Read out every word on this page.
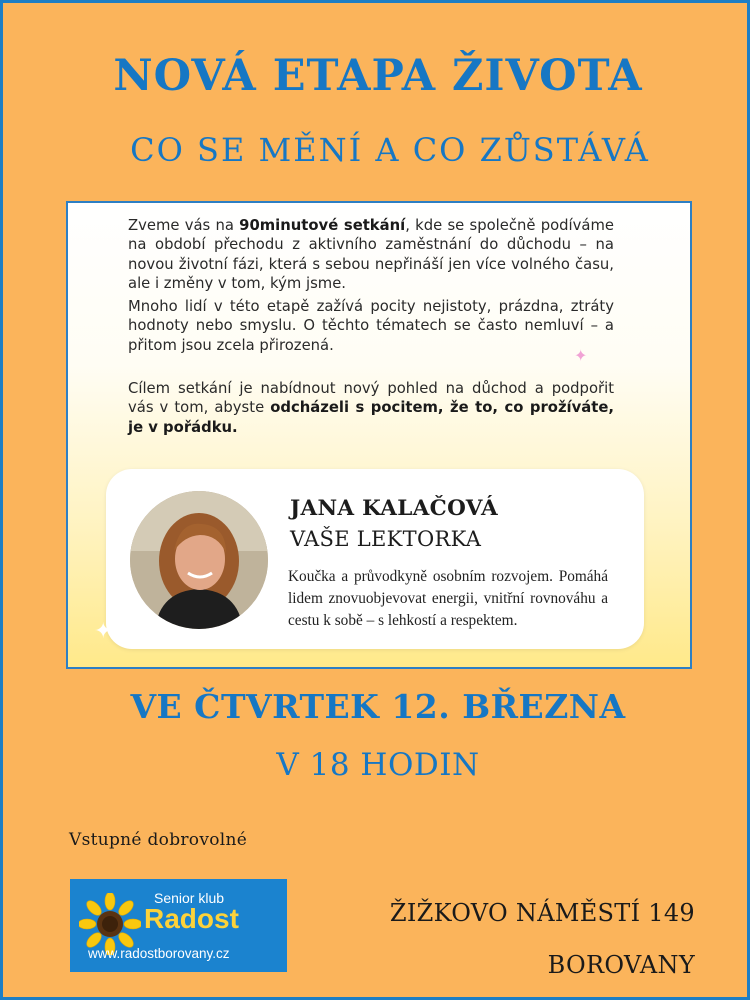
NOVÁ ETAPA ŽIVOTA
CO SE MĚNÍ A CO ZŮSTÁVÁ

Zveme vás na 90minutové setkání, kde se společně podíváme na období přechodu z aktivního zaměstnání do důchodu – na novou životní fázi, která s sebou nepřináší jen více volného času, ale i změny v tom, kým jsme.

Mnoho lidí v této etapě zažívá pocity nejistoty, prázdna, ztráty hodnoty nebo smyslu. O těchto tématech se často nemluví – a přitom jsou zcela přirozená.

Cílem setkání je nabídnout nový pohled na důchod a podpořit vás v tom, abyste odcházeli s pocitem, že to, co prožíváte, je v pořádku.

✦
JANA KALAČOVÁ
VAŠE LEKTORKA

Koučka a průvodkyně osobním rozvojem. Pomáhá lidem znovuobjevovat energii, vnitřní rovnováhu a cestu k sobě – s lehkostí a respektem.

✦
VE ČTVRTEK 12. BŘEZNA
V 18 HODIN
Vstupné dobrovolné
Senior klub
Radost
www.radostborovany.cz
ŽIŽKOVO NÁMĚSTÍ 149
BOROVANY
